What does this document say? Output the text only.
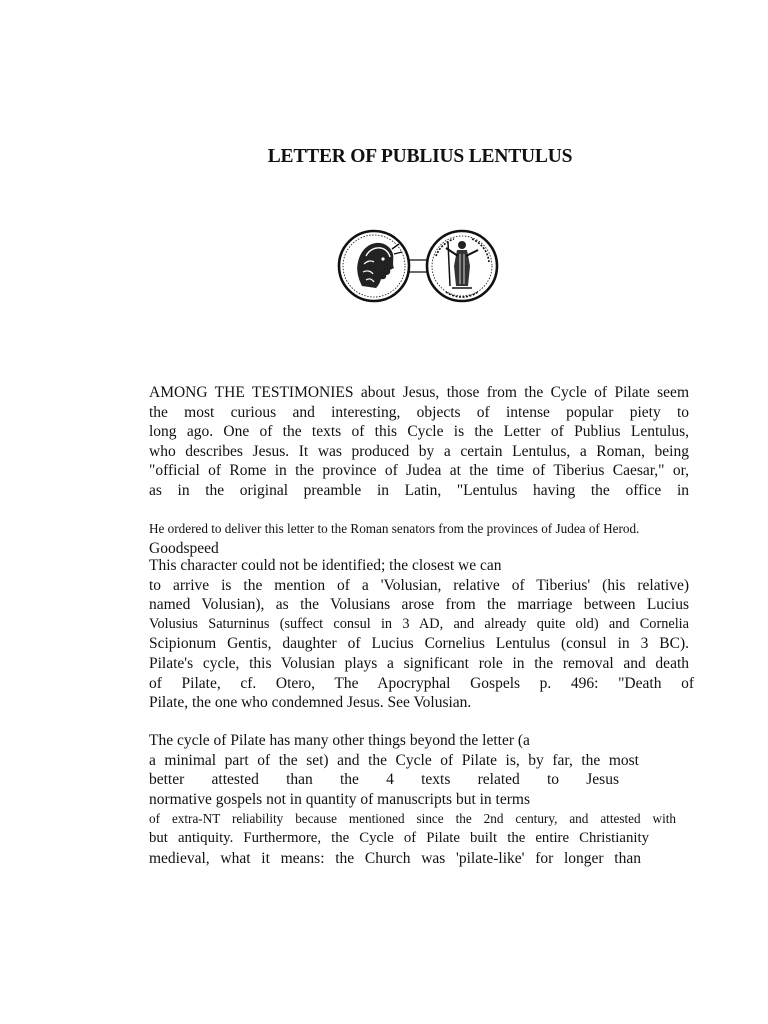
LETTER OF PUBLIUS LENTULUS
AMONG THE TESTIMONIES about Jesus, those from the Cycle of Pilate seem
the most curious and interesting, objects of intense popular piety to
long ago. One of the texts of this Cycle is the Letter of Publius Lentulus,
who describes Jesus. It was produced by a certain Lentulus, a Roman, being
"official of Rome in the province of Judea at the time of Tiberius Caesar," or,
as in the original preamble in Latin, "Lentulus having the office in
He ordered to deliver this letter to the Roman senators from the provinces of Judea of Herod.
Goodspeed
This character could not be identified; the closest we can
to arrive is the mention of a 'Volusian, relative of Tiberius' (his relative)
named Volusian), as the Volusians arose from the marriage between Lucius
Volusius Saturninus (suffect consul in 3 AD, and already quite old) and Cornelia
Scipionum Gentis, daughter of Lucius Cornelius Lentulus (consul in 3 BC).
Pilate's cycle, this Volusian plays a significant role in the removal and death
of Pilate, cf. Otero, The Apocryphal Gospels p. 496: "Death of
Pilate, the one who condemned Jesus. See Volusian.
The cycle of Pilate has many other things beyond the letter (a
a minimal part of the set) and the Cycle of Pilate is, by far, the most
better attested than the 4 texts related to Jesus
normative gospels not in quantity of manuscripts but in terms
of extra-NT reliability because mentioned since the 2nd century, and attested with
but antiquity. Furthermore, the Cycle of Pilate built the entire Christianity
medieval, what it means: the Church was 'pilate-like' for longer than
